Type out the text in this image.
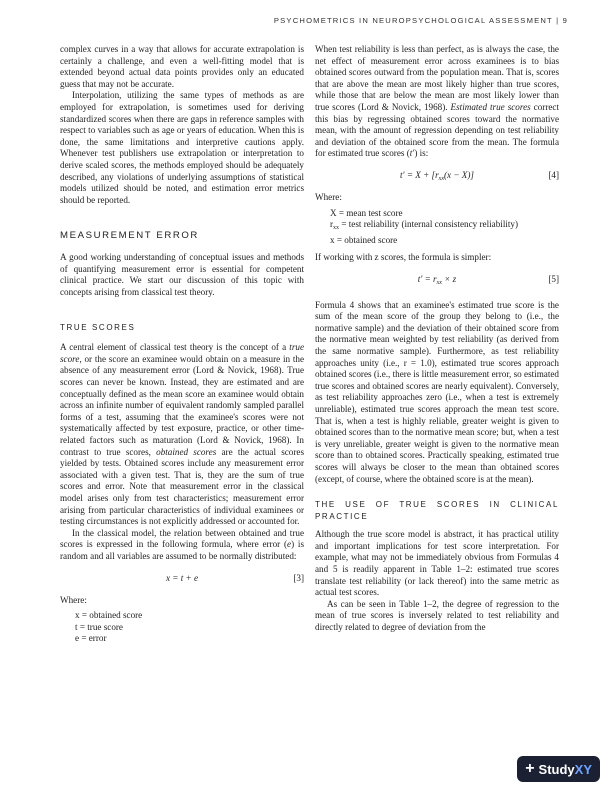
PSYCHOMETRICS IN NEUROPSYCHOLOGICAL ASSESSMENT | 9

complex curves in a way that allows for accurate extrapolation is certainly a challenge, and even a well-fitting model that is extended beyond actual data points provides only an educated guess that may not be accurate.

Interpolation, utilizing the same types of methods as are employed for extrapolation, is sometimes used for deriving standardized scores when there are gaps in reference samples with respect to variables such as age or years of education. When this is done, the same limitations and interpretive cautions apply. Whenever test publishers use extrapolation or interpretation to derive scaled scores, the methods employed should be adequately described, any violations of underlying assumptions of statistical models utilized should be noted, and estimation error metrics should be reported.

MEASUREMENT ERROR

A good working understanding of conceptual issues and methods of quantifying measurement error is essential for competent clinical practice. We start our discussion of this topic with concepts arising from classical test theory.

TRUE SCORES

A central element of classical test theory is the concept of a true score, or the score an examinee would obtain on a measure in the absence of any measurement error (Lord & Novick, 1968). True scores can never be known. Instead, they are estimated and are conceptually defined as the mean score an examinee would obtain across an infinite number of equivalent randomly sampled parallel forms of a test, assuming that the examinee's scores were not systematically affected by test exposure, practice, or other time-related factors such as maturation (Lord & Novick, 1968). In contrast to true scores, obtained scores are the actual scores yielded by tests. Obtained scores include any measurement error associated with a given test. That is, they are the sum of true scores and error. Note that measurement error in the classical model arises only from test characteristics; measurement error arising from particular characteristics of individual examinees or testing circumstances is not explicitly addressed or accounted for.

In the classical model, the relation between obtained and true scores is expressed in the following formula, where error (e) is random and all variables are assumed to be normally distributed:

x = t + e	[3]

Where:

x = obtained score
t = true score
e = error

When test reliability is less than perfect, as is always the case, the net effect of measurement error across examinees is to bias obtained scores outward from the population mean. That is, scores that are above the mean are most likely higher than true scores, while those that are below the mean are most likely lower than true scores (Lord & Novick, 1968). Estimated true scores correct this bias by regressing obtained scores toward the normative mean, with the amount of regression depending on test reliability and deviation of the obtained score from the mean. The formula for estimated true scores (t′) is:

$t' = X + [r_{xx}(x - X)]$	[4]

Where:

X = mean test score
$r_{xx}$ = test reliability (internal consistency reliability)
x = obtained score

If working with z scores, the formula is simpler:

$t' = r_{xx} \times z$	[5]

Formula 4 shows that an examinee's estimated true score is the sum of the mean score of the group they belong to (i.e., the normative sample) and the deviation of their obtained score from the normative mean weighted by test reliability (as derived from the same normative sample). Furthermore, as test reliability approaches unity (i.e., r = 1.0), estimated true scores approach obtained scores (i.e., there is little measurement error, so estimated true scores and obtained scores are nearly equivalent). Conversely, as test reliability approaches zero (i.e., when a test is extremely unreliable), estimated true scores approach the mean test score. That is, when a test is highly reliable, greater weight is given to obtained scores than to the normative mean score; but, when a test is very unreliable, greater weight is given to the normative mean score than to obtained scores. Practically speaking, estimated true scores will always be closer to the mean than obtained scores (except, of course, where the obtained score is at the mean).

THE USE OF TRUE SCORES IN CLINICAL PRACTICE

Although the true score model is abstract, it has practical utility and important implications for test score interpretation. For example, what may not be immediately obvious from Formulas 4 and 5 is readily apparent in Table 1–2: estimated true scores translate test reliability (or lack thereof) into the same metric as actual test scores.

As can be seen in Table 1–2, the degree of regression to the mean of true scores is inversely related to test reliability and directly related to degree of deviation from the

+ Study XY
